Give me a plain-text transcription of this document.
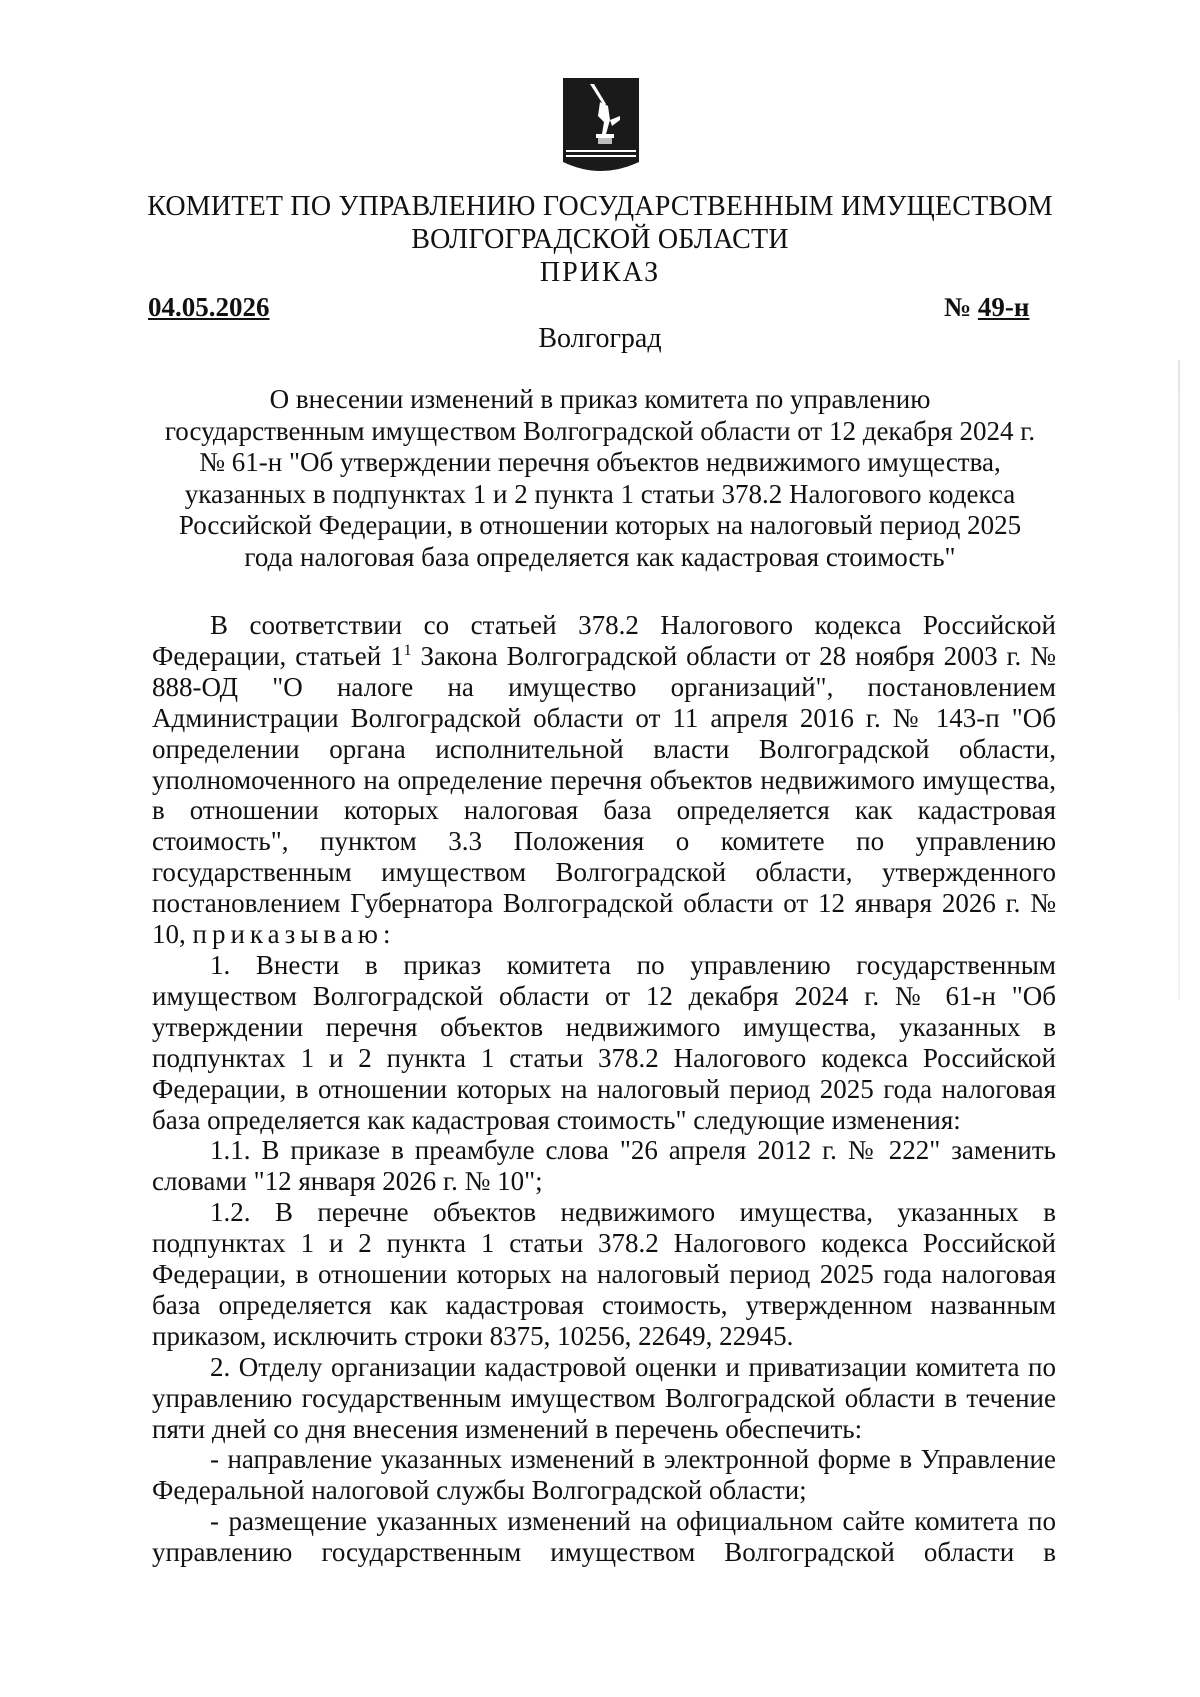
КОМИТЕТ ПО УПРАВЛЕНИЮ ГОСУДАРСТВЕННЫМ ИМУЩЕСТВОМ
ВОЛГОГРАДСКОЙ ОБЛАСТИ
ПРИКАЗ
04.05.2026	№ 49-н
Волгоград
О внесении изменений в приказ комитета по управлению
государственным имуществом Волгоградской области от 12 декабря 2024 г.
№ 61-н "Об утверждении перечня объектов недвижимого имущества,
указанных в подпунктах 1 и 2 пункта 1 статьи 378.2 Налогового кодекса
Российской Федерации, в отношении которых на налоговый период 2025
года налоговая база определяется как кадастровая стоимость"

В соответствии со статьей 378.2 Налогового кодекса Российской Федерации, статьей $1^1$ Закона Волгоградской области от 28 ноября 2003 г. № 888-ОД "О налоге на имущество организаций", постановлением Администрации Волгоградской области от 11 апреля 2016 г. № 143-п "Об определении органа исполнительной власти Волгоградской области, уполномоченного на определение перечня объектов недвижимого имущества, в отношении которых налоговая база определяется как кадастровая стоимость", пунктом 3.3 Положения о комитете по управлению государственным имуществом Волгоградской области, утвержденного постановлением Губернатора Волгоградской области от 12 января 2026 г. № 10, приказываю:

1. Внести в приказ комитета по управлению государственным имуществом Волгоградской области от 12 декабря 2024 г. № 61-н "Об утверждении перечня объектов недвижимого имущества, указанных в подпунктах 1 и 2 пункта 1 статьи 378.2 Налогового кодекса Российской Федерации, в отношении которых на налоговый период 2025 года налоговая база определяется как кадастровая стоимость" следующие изменения:

1.1. В приказе в преамбуле слова "26 апреля 2012 г. № 222" заменить словами "12 января 2026 г. № 10";

1.2. В перечне объектов недвижимого имущества, указанных в подпунктах 1 и 2 пункта 1 статьи 378.2 Налогового кодекса Российской Федерации, в отношении которых на налоговый период 2025 года налоговая база определяется как кадастровая стоимость, утвержденном названным приказом, исключить строки 8375, 10256, 22649, 22945.

2. Отделу организации кадастровой оценки и приватизации комитета по управлению государственным имуществом Волгоградской области в течение пяти дней со дня внесения изменений в перечень обеспечить:

- направление указанных изменений в электронной форме в Управление Федеральной налоговой службы Волгоградской области;

- размещение указанных изменений на официальном сайте комитета по управлению государственным имуществом Волгоградской области в
